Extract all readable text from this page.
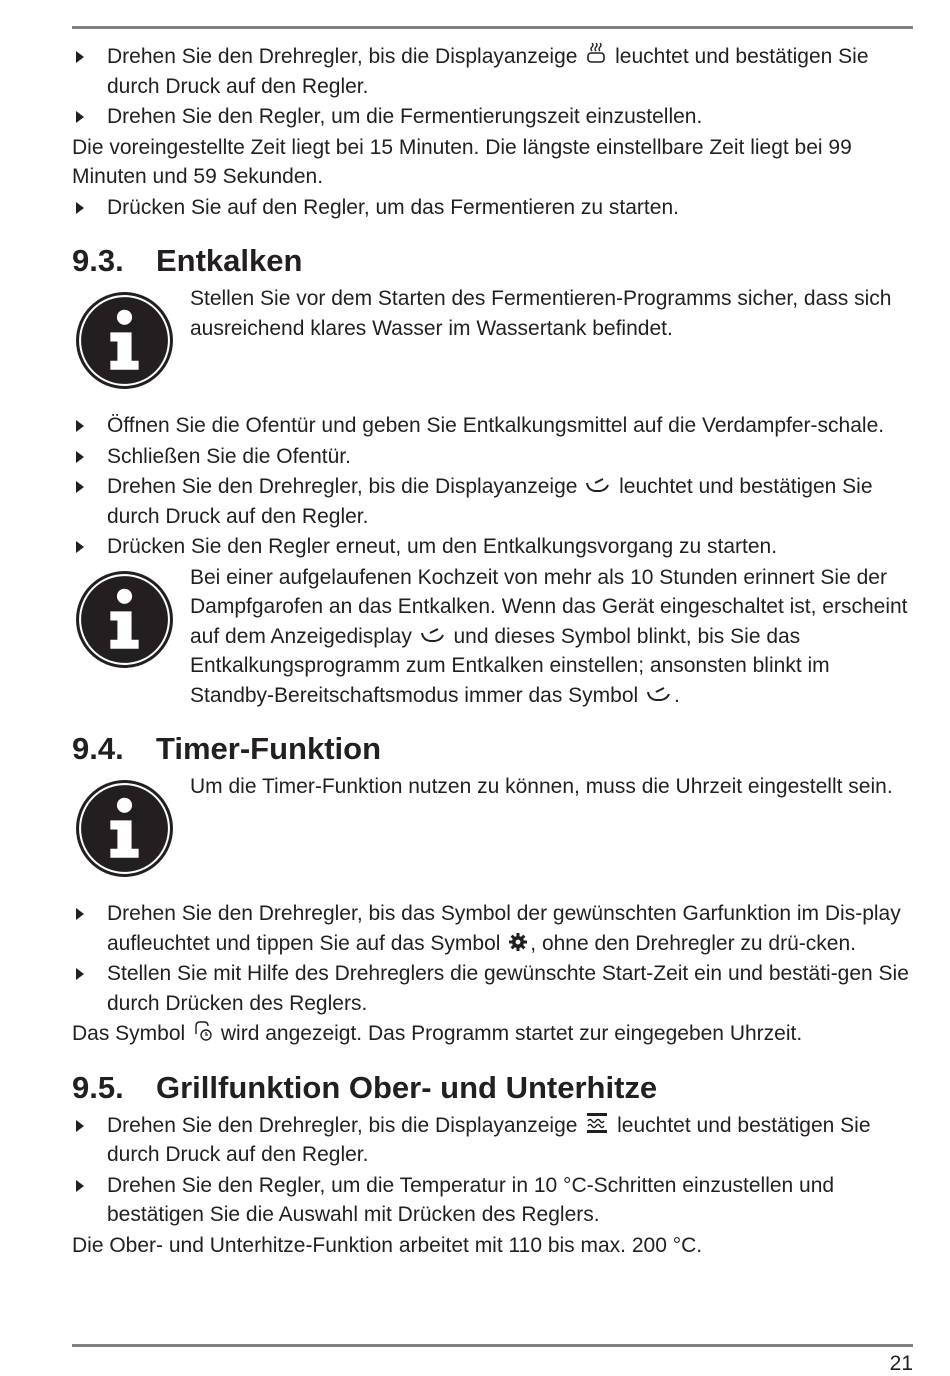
Drehen Sie den Drehregler, bis die Displayanzeige leuchtet und bestätigen Sie durch Druck auf den Regler.

Drehen Sie den Regler, um die Fermentierungszeit einzustellen.

Die voreingestellte Zeit liegt bei 15 Minuten. Die längste einstellbare Zeit liegt bei 99 Minuten und 59 Sekunden.

Drücken Sie auf den Regler, um das Fermentieren zu starten.

9.3. Entkalken
Stellen Sie vor dem Starten des Fermentieren-Programms sicher, dass sich ausreichend klares Wasser im Wassertank befindet.

Öffnen Sie die Ofentür und geben Sie Entkalkungsmittel auf die Verdampfer-schale.

Schließen Sie die Ofentür.

Drehen Sie den Drehregler, bis die Displayanzeige leuchtet und bestätigen Sie durch Druck auf den Regler.

Drücken Sie den Regler erneut, um den Entkalkungsvorgang zu starten.

Bei einer aufgelaufenen Kochzeit von mehr als 10 Stunden erinnert Sie der Dampfgarofen an das Entkalken. Wenn das Gerät eingeschaltet ist, erscheint auf dem Anzeigedisplay und dieses Symbol blinkt, bis Sie das Entkalkungsprogramm zum Entkalken einstellen; ansonsten blinkt im Standby-Bereitschaftsmodus immer das Symbol .
9.4. Timer-Funktion
Um die Timer-Funktion nutzen zu können, muss die Uhrzeit eingestellt sein.

Drehen Sie den Drehregler, bis das Symbol der gewünschten Garfunktion im Dis-play aufleuchtet und tippen Sie auf das Symbol , ohne den Drehregler zu drü-cken.

Stellen Sie mit Hilfe des Drehreglers die gewünschte Start-Zeit ein und bestäti-gen Sie durch Drücken des Reglers.

Das Symbol wird angezeigt. Das Programm startet zur eingegeben Uhrzeit.

9.5. Grillfunktion Ober- und Unterhitze

Drehen Sie den Drehregler, bis die Displayanzeige leuchtet und bestätigen Sie durch Druck auf den Regler.

Drehen Sie den Regler, um die Temperatur in 10 °C-Schritten einzustellen und bestätigen Sie die Auswahl mit Drücken des Reglers.

Die Ober- und Unterhitze-Funktion arbeitet mit 110 bis max. 200 °C.

21
